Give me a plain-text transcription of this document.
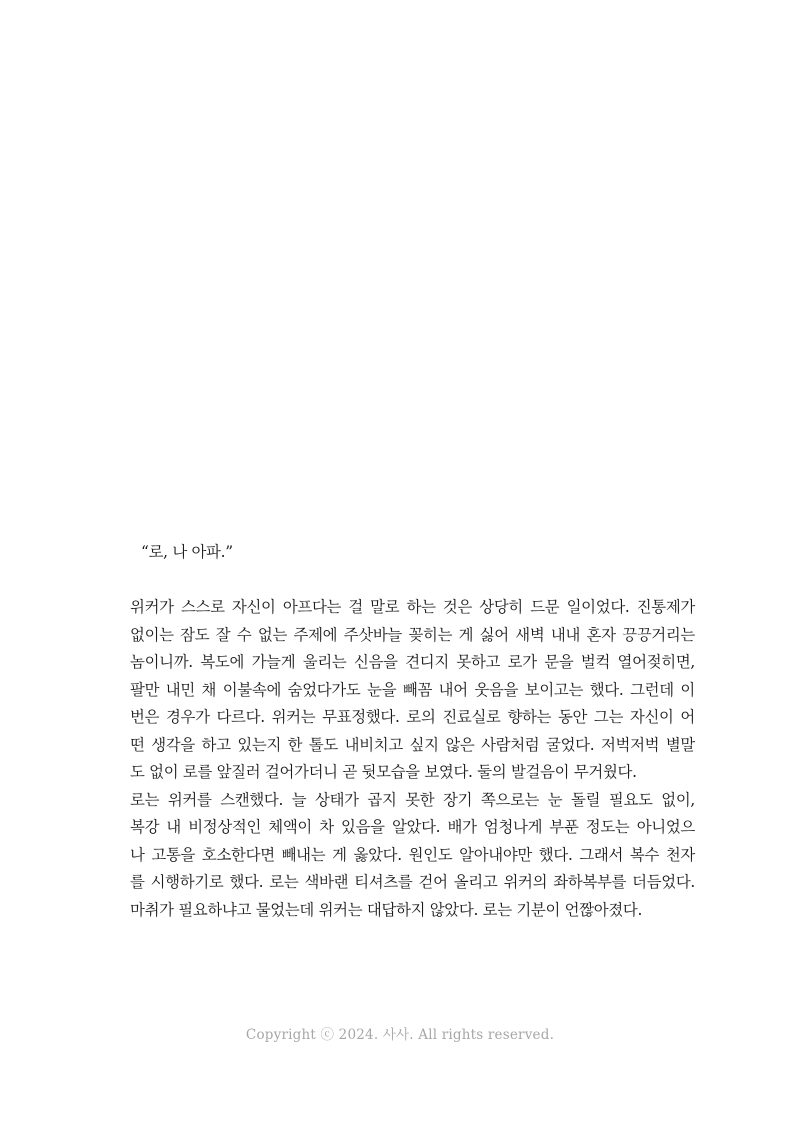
“로, 나 아파.”
위커가 스스로 자신이 아프다는 걸 말로 하는 것은 상당히 드문 일이었다. 진통제가
없이는 잠도 잘 수 없는 주제에 주삿바늘 꽂히는 게 싫어 새벽 내내 혼자 끙끙거리는
놈이니까. 복도에 가늘게 울리는 신음을 견디지 못하고 로가 문을 벌컥 열어젖히면,
팔만 내민 채 이불속에 숨었다가도 눈을 빼꼼 내어 웃음을 보이고는 했다. 그런데 이
번은 경우가 다르다. 위커는 무표정했다. 로의 진료실로 향하는 동안 그는 자신이 어
떤 생각을 하고 있는지 한 톨도 내비치고 싶지 않은 사람처럼 굴었다. 저벅저벅 별말
도 없이 로를 앞질러 걸어가더니 곧 뒷모습을 보였다. 둘의 발걸음이 무거웠다.
로는 위커를 스캔했다. 늘 상태가 곱지 못한 장기 쪽으로는 눈 돌릴 필요도 없이,
복강 내 비정상적인 체액이 차 있음을 알았다. 배가 엄청나게 부푼 정도는 아니었으
나 고통을 호소한다면 빼내는 게 옳았다. 원인도 알아내야만 했다. 그래서 복수 천자
를 시행하기로 했다. 로는 색바랜 티셔츠를 걷어 올리고 위커의 좌하복부를 더듬었다.
마취가 필요하냐고 물었는데 위커는 대답하지 않았다. 로는 기분이 언짢아졌다.
Copyright ⓒ 2024. 사사. All rights reserved.
